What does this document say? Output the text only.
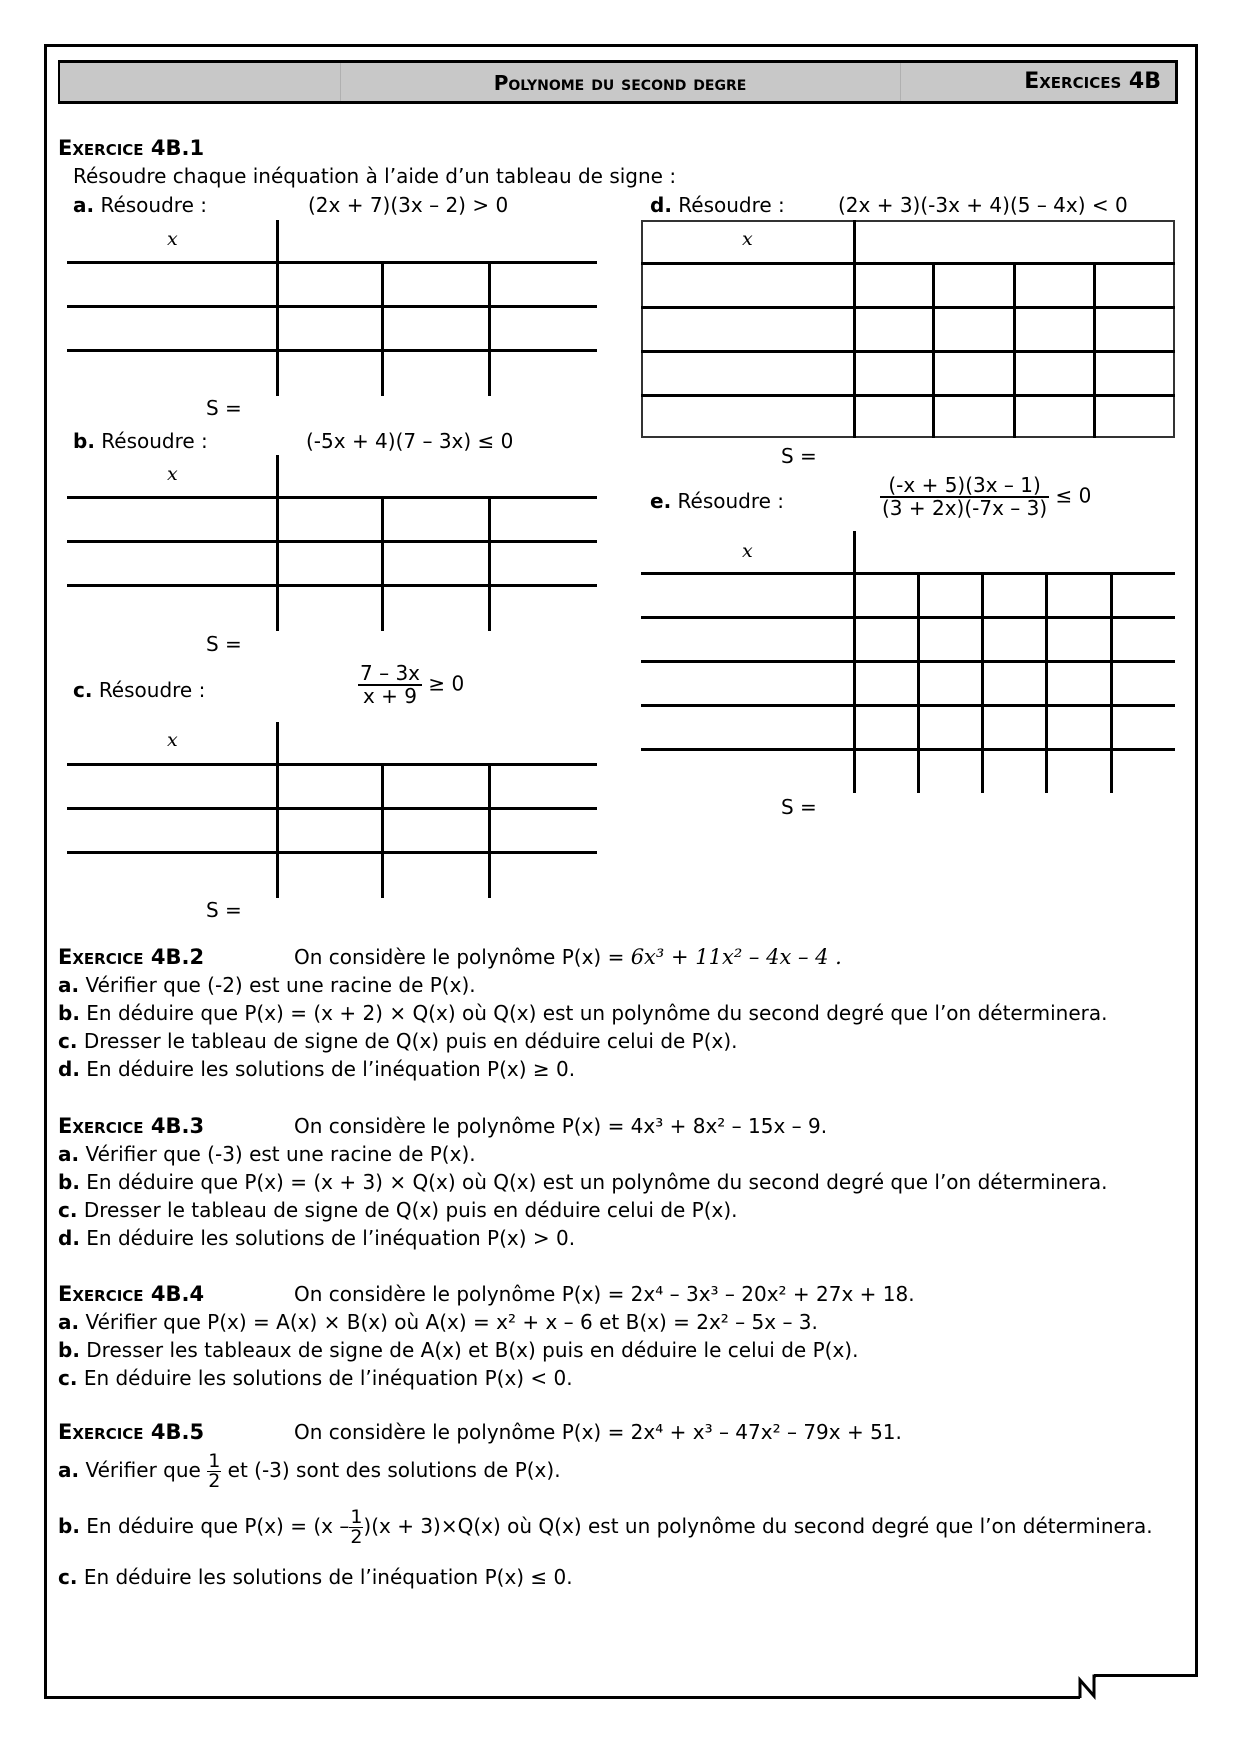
Polynome du second degre	Exercices 4B
Exercice 4B.1
Résoudre chaque inéquation à l’aide d’un tableau de signe :
a. Résoudre :	(2x + 7)(3x – 2) > 0
x
S =
b. Résoudre :	(-5x + 4)(7 – 3x) ≤ 0
x
S =
c. Résoudre :	$\frac{7 - 3x}{x + 9} \ge 0$
x
S =
d. Résoudre :	(2x + 3)(-3x + 4)(5 – 4x) < 0
x
S =
e. Résoudre :	$\frac{(-x + 5)(3x - 1)}{(3 + 2x)(-7x - 3)} \le 0$
x
S =
Exercice 4B.2	On considère le polynôme P(x) = 6x³ + 11x² – 4x – 4 .
a. Vérifier que (-2) est une racine de P(x).
b. En déduire que P(x) = (x + 2) × Q(x) où Q(x) est un polynôme du second degré que l’on déterminera.
c. Dresser le tableau de signe de Q(x) puis en déduire celui de P(x).
d. En déduire les solutions de l’inéquation P(x) ≥ 0.
Exercice 4B.3	On considère le polynôme P(x) = 4x³ + 8x² – 15x – 9.
a. Vérifier que (-3) est une racine de P(x).
b. En déduire que P(x) = (x + 3) × Q(x) où Q(x) est un polynôme du second degré que l’on déterminera.
c. Dresser le tableau de signe de Q(x) puis en déduire celui de P(x).
d. En déduire les solutions de l’inéquation P(x) > 0.
Exercice 4B.4	On considère le polynôme P(x) = 2x⁴ – 3x³ – 20x² + 27x + 18.
a. Vérifier que P(x) = A(x) × B(x) où A(x) = x² + x – 6 et B(x) = 2x² – 5x – 3.
b. Dresser les tableaux de signe de A(x) et B(x) puis en déduire le celui de P(x).
c. En déduire les solutions de l’inéquation P(x) < 0.
Exercice 4B.5	On considère le polynôme P(x) = 2x⁴ + x³ – 47x² – 79x + 51.
a. Vérifier que $\frac{1}{2}$ et (-3) sont des solutions de P(x).
b. En déduire que $P(x) = (x - \frac{1}{2} )(x + 3)\times Q(x)$ où Q(x) est un polynôme du second degré que l’on déterminera.
c. En déduire les solutions de l’inéquation P(x) ≤ 0.
